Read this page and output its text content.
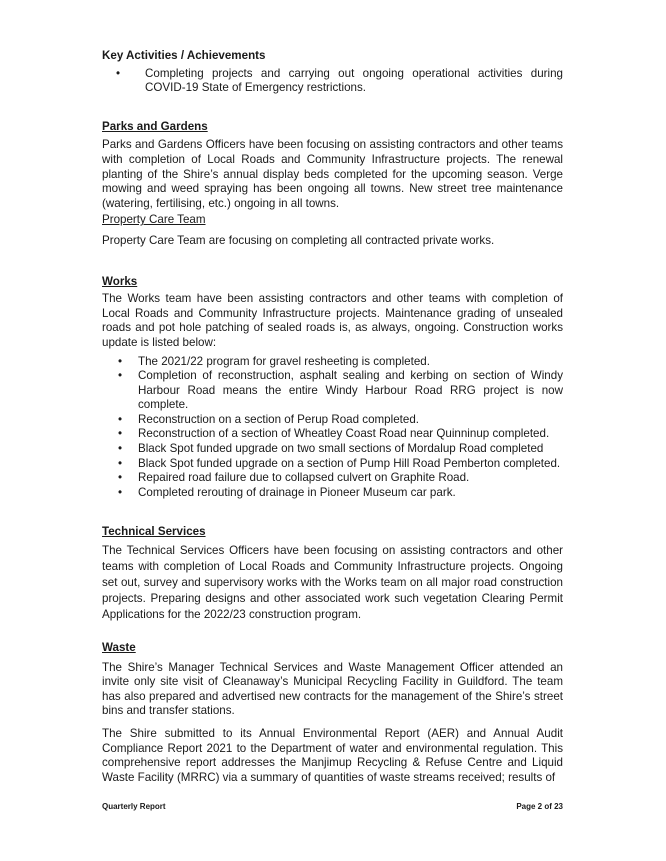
Key Activities / Achievements

• Completing projects and carrying out ongoing operational activities during COVID-19 State of Emergency restrictions.

Parks and Gardens

Parks and Gardens Officers have been focusing on assisting contractors and other teams with completion of Local Roads and Community Infrastructure projects. The renewal planting of the Shire’s annual display beds completed for the upcoming season. Verge mowing and weed spraying has been ongoing all towns. New street tree maintenance (watering, fertilising, etc.) ongoing in all towns.

Property Care Team

Property Care Team are focusing on completing all contracted private works.

Works

The Works team have been assisting contractors and other teams with completion of Local Roads and Community Infrastructure projects. Maintenance grading of unsealed roads and pot hole patching of sealed roads is, as always, ongoing. Construction works update is listed below:

• The 2021/22 program for gravel resheeting is completed.
• Completion of reconstruction, asphalt sealing and kerbing on section of Windy Harbour Road means the entire Windy Harbour Road RRG project is now complete.
• Reconstruction on a section of Perup Road completed.
• Reconstruction of a section of Wheatley Coast Road near Quinninup completed.
• Black Spot funded upgrade on two small sections of Mordalup Road completed
• Black Spot funded upgrade on a section of Pump Hill Road Pemberton completed.
• Repaired road failure due to collapsed culvert on Graphite Road.
• Completed rerouting of drainage in Pioneer Museum car park.

Technical Services

The Technical Services Officers have been focusing on assisting contractors and other teams with completion of Local Roads and Community Infrastructure projects. Ongoing set out, survey and supervisory works with the Works team on all major road construction projects. Preparing designs and other associated work such vegetation Clearing Permit Applications for the 2022/23 construction program.

Waste

The Shire’s Manager Technical Services and Waste Management Officer attended an invite only site visit of Cleanaway’s Municipal Recycling Facility in Guildford. The team has also prepared and advertised new contracts for the management of the Shire’s street bins and transfer stations.

The Shire submitted to its Annual Environmental Report (AER) and Annual Audit Compliance Report 2021 to the Department of water and environmental regulation. This comprehensive report addresses the Manjimup Recycling & Refuse Centre and Liquid Waste Facility (MRRC) via a summary of quantities of waste streams received; results of

Quarterly Report	Page 2 of 23
